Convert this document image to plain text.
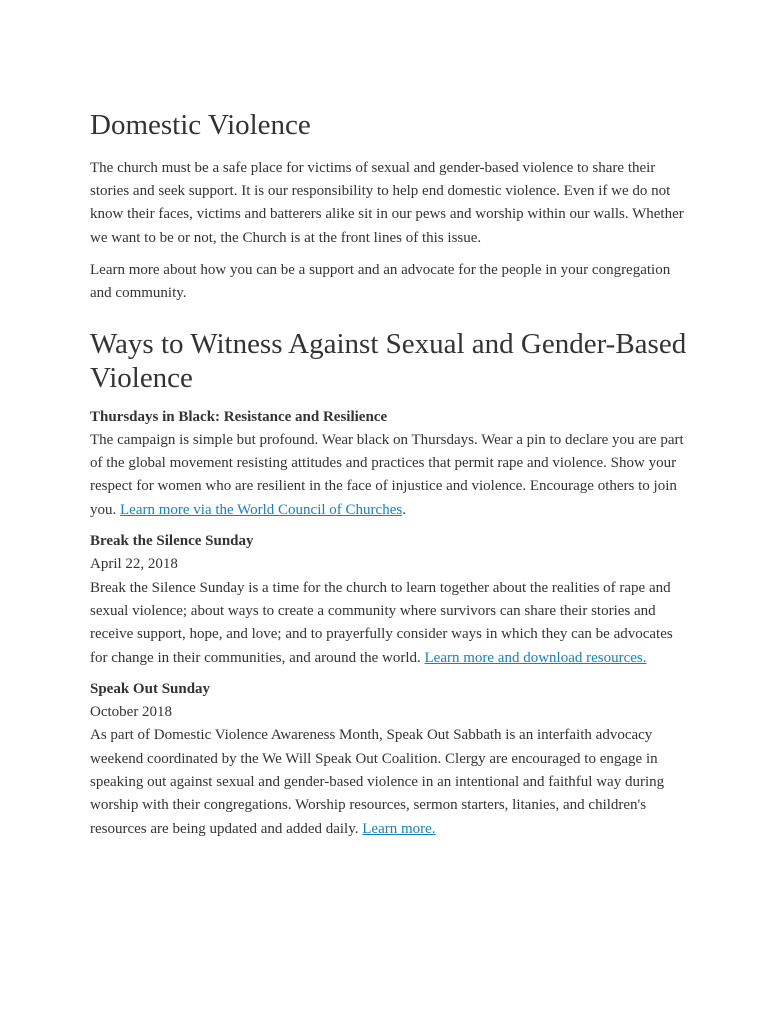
Domestic Violence

The church must be a safe place for victims of sexual and gender-based violence to share their stories and seek support. It is our responsibility to help end domestic violence. Even if we do not know their faces, victims and batterers alike sit in our pews and worship within our walls. Whether we want to be or not, the Church is at the front lines of this issue.

Learn more about how you can be a support and an advocate for the people in your congregation and community.

Ways to Witness Against Sexual and Gender-Based Violence
Thursdays in Black: Resistance and Resilience
The campaign is simple but profound. Wear black on Thursdays. Wear a pin to declare you are part of the global movement resisting attitudes and practices that permit rape and violence. Show your respect for women who are resilient in the face of injustice and violence. Encourage others to join you. Learn more via the World Council of Churches.
Break the Silence Sunday
April 22, 2018
Break the Silence Sunday is a time for the church to learn together about the realities of rape and sexual violence; about ways to create a community where survivors can share their stories and receive support, hope, and love; and to prayerfully consider ways in which they can be advocates for change in their communities, and around the world. Learn more and download resources.
Speak Out Sunday
October 2018
As part of Domestic Violence Awareness Month, Speak Out Sabbath is an interfaith advocacy weekend coordinated by the We Will Speak Out Coalition. Clergy are encouraged to engage in speaking out against sexual and gender-based violence in an intentional and faithful way during worship with their congregations. Worship resources, sermon starters, litanies, and children's resources are being updated and added daily. Learn more.
